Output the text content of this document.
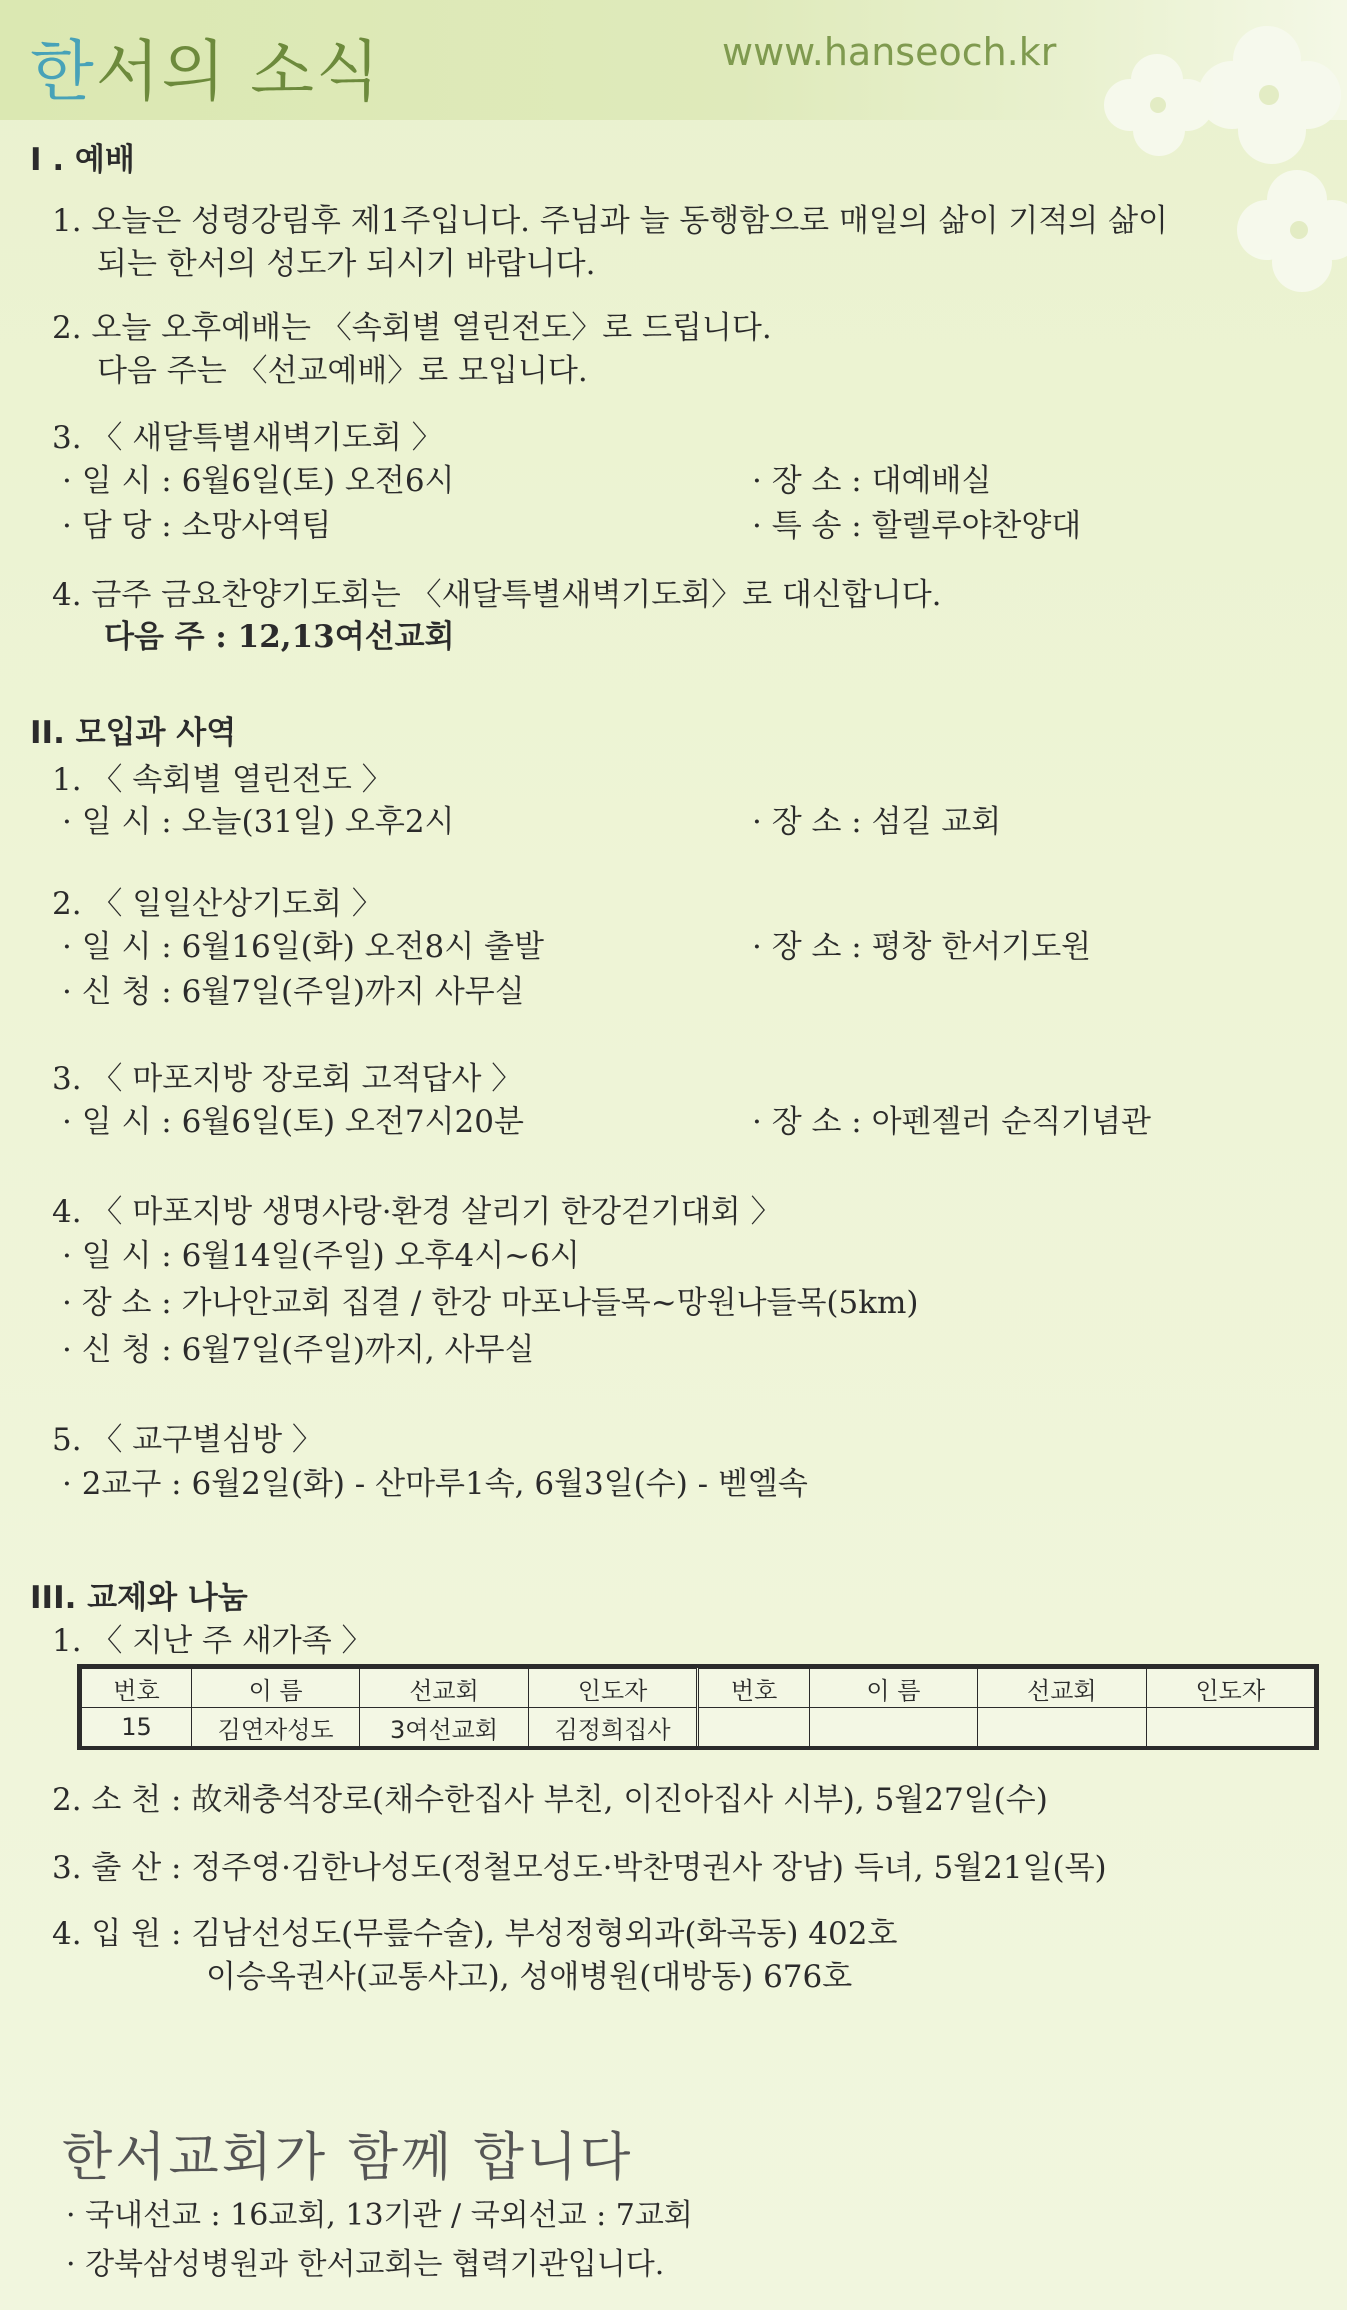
한서의 소식	www.hanseoch.kr
I . 예배
1. 오늘은 성령강림후 제1주입니다. 주님과 늘 동행함으로 매일의 삶이 기적의 삶이
되는 한서의 성도가 되시기 바랍니다.
2. 오늘 오후예배는 〈속회별 열린전도〉로 드립니다.
다음 주는 〈선교예배〉로 모입니다.
3. 〈 새달특별새벽기도회 〉
· 일 시 : 6월6일(토) 오전6시	· 장 소 : 대예배실
· 담 당 : 소망사역팀	· 특 송 : 할렐루야찬양대
4. 금주 금요찬양기도회는 〈새달특별새벽기도회〉로 대신합니다.
다음 주 : 12,13여선교회
II. 모입과 사역
1. 〈 속회별 열린전도 〉
· 일 시 : 오늘(31일) 오후2시	· 장 소 : 섬길 교회
2. 〈 일일산상기도회 〉
· 일 시 : 6월16일(화) 오전8시 출발	· 장 소 : 평창 한서기도원
· 신 청 : 6월7일(주일)까지 사무실
3. 〈 마포지방 장로회 고적답사 〉
· 일 시 : 6월6일(토) 오전7시20분	· 장 소 : 아펜젤러 순직기념관
4. 〈 마포지방 생명사랑·환경 살리기 한강걷기대회 〉
· 일 시 : 6월14일(주일) 오후4시~6시
· 장 소 : 가나안교회 집결 / 한강 마포나들목~망원나들목(5km)
· 신 청 : 6월7일(주일)까지, 사무실
5. 〈 교구별심방 〉
· 2교구 : 6월2일(화) - 산마루1속, 6월3일(수) - 벧엘속
III. 교제와 나눔
1. 〈 지난 주 새가족 〉
번호	이 름	선교회	인도자	번호	이 름	선교회	인도자
15	김연자성도	3여선교회	김정희집사				
2. 소 천 : 故채충석장로(채수한집사 부친, 이진아집사 시부), 5월27일(수)
3. 출 산 : 정주영·김한나성도(정철모성도·박찬명권사 장남) 득녀, 5월21일(목)
4. 입 원 : 김남선성도(무릎수술), 부성정형외과(화곡동) 402호
이승옥권사(교통사고), 성애병원(대방동) 676호
한서교회가 함께 합니다
· 국내선교 : 16교회, 13기관 / 국외선교 : 7교회
· 강북삼성병원과 한서교회는 협력기관입니다.
